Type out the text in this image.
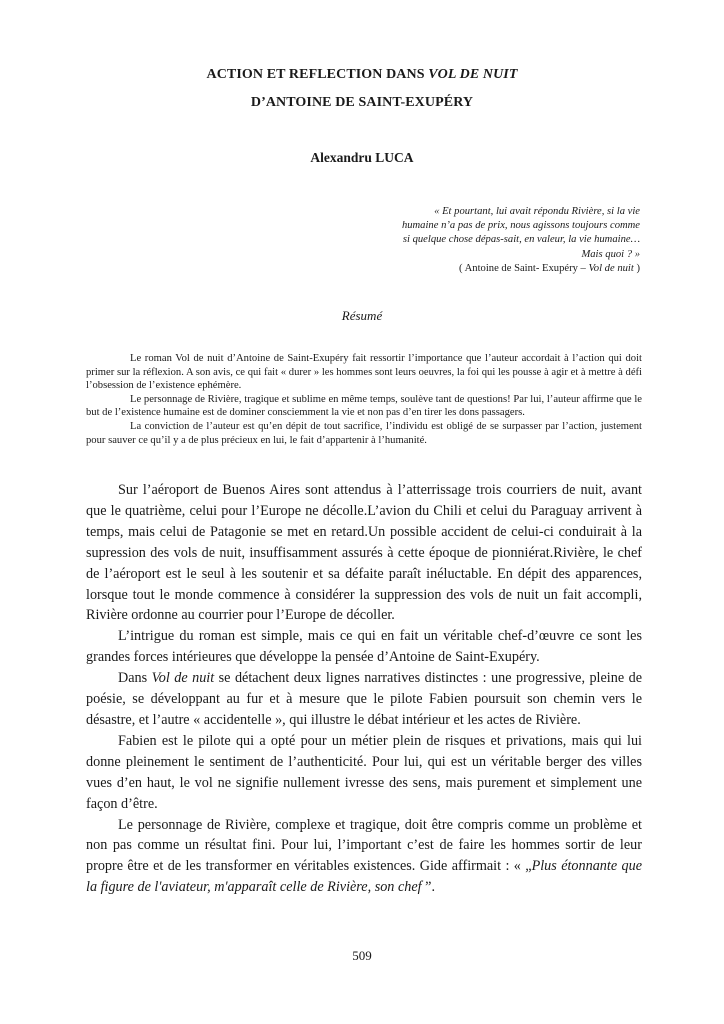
ACTION ET REFLECTION DANS VOL DE NUIT
D’ANTOINE DE SAINT-EXUPÉRY
Alexandru LUCA
« Et pourtant, lui avait répondu Rivière, si la vie humaine n’a pas de prix, nous agissons toujours comme si quelque chose dépas-sait, en valeur, la vie humaine…Mais quoi ? »
( Antoine de Saint- Exupéry – Vol de nuit )
Résumé

Le roman Vol de nuit d’Antoine de Saint-Exupéry fait ressortir l’importance que l’auteur accordait à l’action qui doit primer sur la réflexion. A son avis, ce qui fait « durer » les hommes sont leurs oeuvres, la foi qui les pousse à agir et à mettre à défi l’obsession de l’existence ephémère.

Le personnage de Rivière, tragique et sublime en même temps, soulève tant de questions! Par lui, l’auteur affirme que le but de l’existence humaine est de dominer consciemment la vie et non pas d’en tirer les dons passagers.

La conviction de l’auteur est qu’en dépit de tout sacrifice, l’individu est obligé de se surpasser par l’action, justement pour sauver ce qu’il y a de plus précieux en lui, le fait d’appartenir à l’humanité.

Sur l’aéroport de Buenos Aires sont attendus à l’atterrissage trois courriers de nuit, avant que le quatrième, celui pour l’Europe ne décolle.L’avion du Chili et celui du Paraguay arrivent à temps, mais celui de Patagonie se met en retard.Un possible accident de celui-ci conduirait à la supression des vols de nuit, insuffisamment assurés à cette époque de pionniérat.Rivière, le chef de l’aéroport est le seul à les soutenir et sa défaite paraît inéluctable. En dépit des apparences, lorsque tout le monde commence à considérer la suppression des vols de nuit un fait accompli, Rivière ordonne au courrier pour l’Europe de décoller.

L’intrigue du roman est simple, mais ce qui en fait un véritable chef-d’œuvre ce sont les grandes forces intérieures que développe la pensée d’Antoine de Saint-Exupéry.

Dans Vol de nuit se détachent deux lignes narratives distinctes : une progressive, pleine de poésie, se développant au fur et à mesure que le pilote Fabien poursuit son chemin vers le désastre, et l’autre « accidentelle », qui illustre le débat intérieur et les actes de Rivière.

Fabien est le pilote qui a opté pour un métier plein de risques et privations, mais qui lui donne pleinement le sentiment de l’authenticité. Pour lui, qui est un véritable berger des villes vues d’en haut, le vol ne signifie nullement ivresse des sens, mais purement et simplement une façon d’être.

Le personnage de Rivière, complexe et tragique, doit être compris comme un problème et non pas comme un résultat fini. Pour lui, l’important c’est de faire les hommes sortir de leur propre être et de les transformer en véritables existences. Gide affirmait : « „Plus étonnante que la figure de l'aviateur, m'apparaît celle de Rivière, son chef ”.

509
